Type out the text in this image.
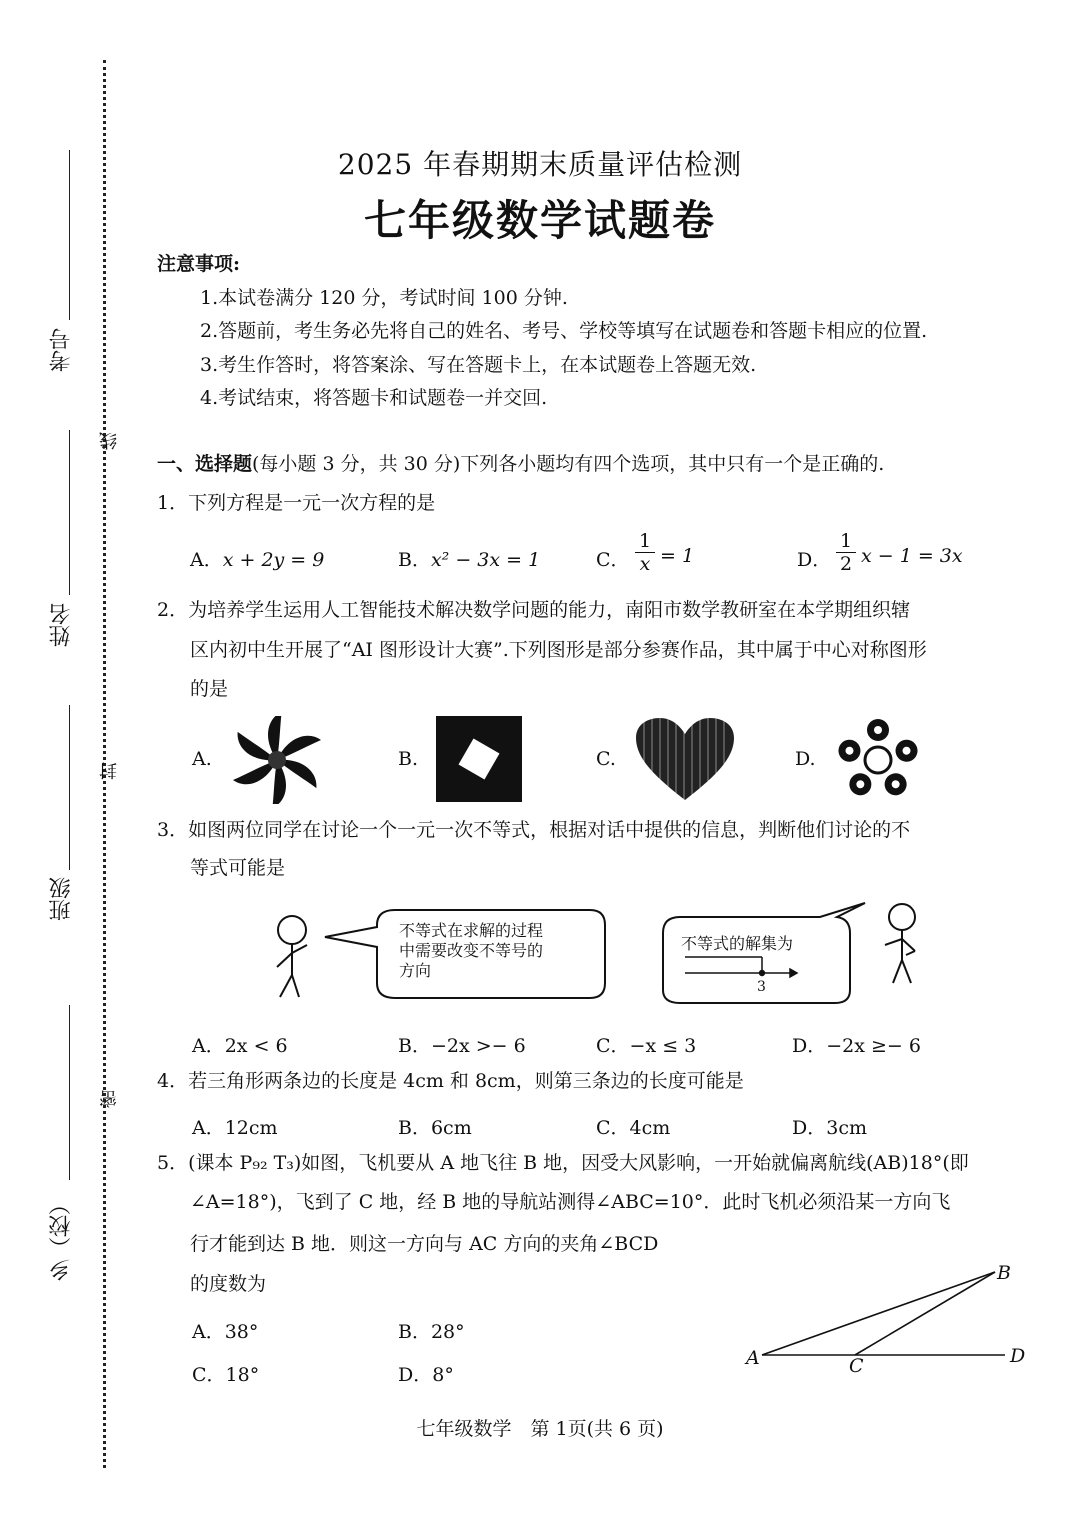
考号
姓名
班级
乡（校）
线
封
密
2025 年春期期末质量评估检测
七年级数学试题卷
注意事项:
1.本试卷满分 120 分，考试时间 100 分钟.
2.答题前，考生务必先将自己的姓名、考号、学校等填写在试题卷和答题卡相应的位置.
3.考生作答时，将答案涂、写在答题卡上，在本试题卷上答题无效.
4.考试结束，将答题卡和试题卷一并交回.
一、选择题(每小题 3 分，共 30 分)下列各小题均有四个选项，其中只有一个是正确的.
1．下列方程是一元一次方程的是
A．x + 2y = 9	B．x² − 3x = 1	C． $\frac{1}{x} = 1$	D． $\frac{1}{2}$ x − 1 = 3x
2．为培养学生运用人工智能技术解决数学问题的能力，南阳市数学教研室在本学期组织辖
区内初中生开展了“AI 图形设计大赛”.下列图形是部分参赛作品，其中属于中心对称图形
的是
A.	B.	C.	D.
3．如图两位同学在讨论一个一元一次不等式，根据对话中提供的信息，判断他们讨论的不
等式可能是
不等式在求解的过程
中需要改变不等号的
方向
不等式的解集为
3
A．2x < 6	B．−2x >− 6	C．−x ≤ 3	D．−2x ≥− 6
4．若三角形两条边的长度是 4cm 和 8cm，则第三条边的长度可能是
A．12cm	B．6cm	C．4cm	D．3cm
5．(课本 P₉₂ T₃)如图，飞机要从 A 地飞往 B 地，因受大风影响，一开始就偏离航线(AB)18°(即
∠A=18°)，飞到了 C 地，经 B 地的导航站测得∠ABC=10°．此时飞机必须沿某一方向飞
行才能到达 B 地．则这一方向与 AC 方向的夹角∠BCD
的度数为
A．38°	B．28°
C．18°	D．8°
A
B
C	D
七年级数学　第 1页(共 6 页)
